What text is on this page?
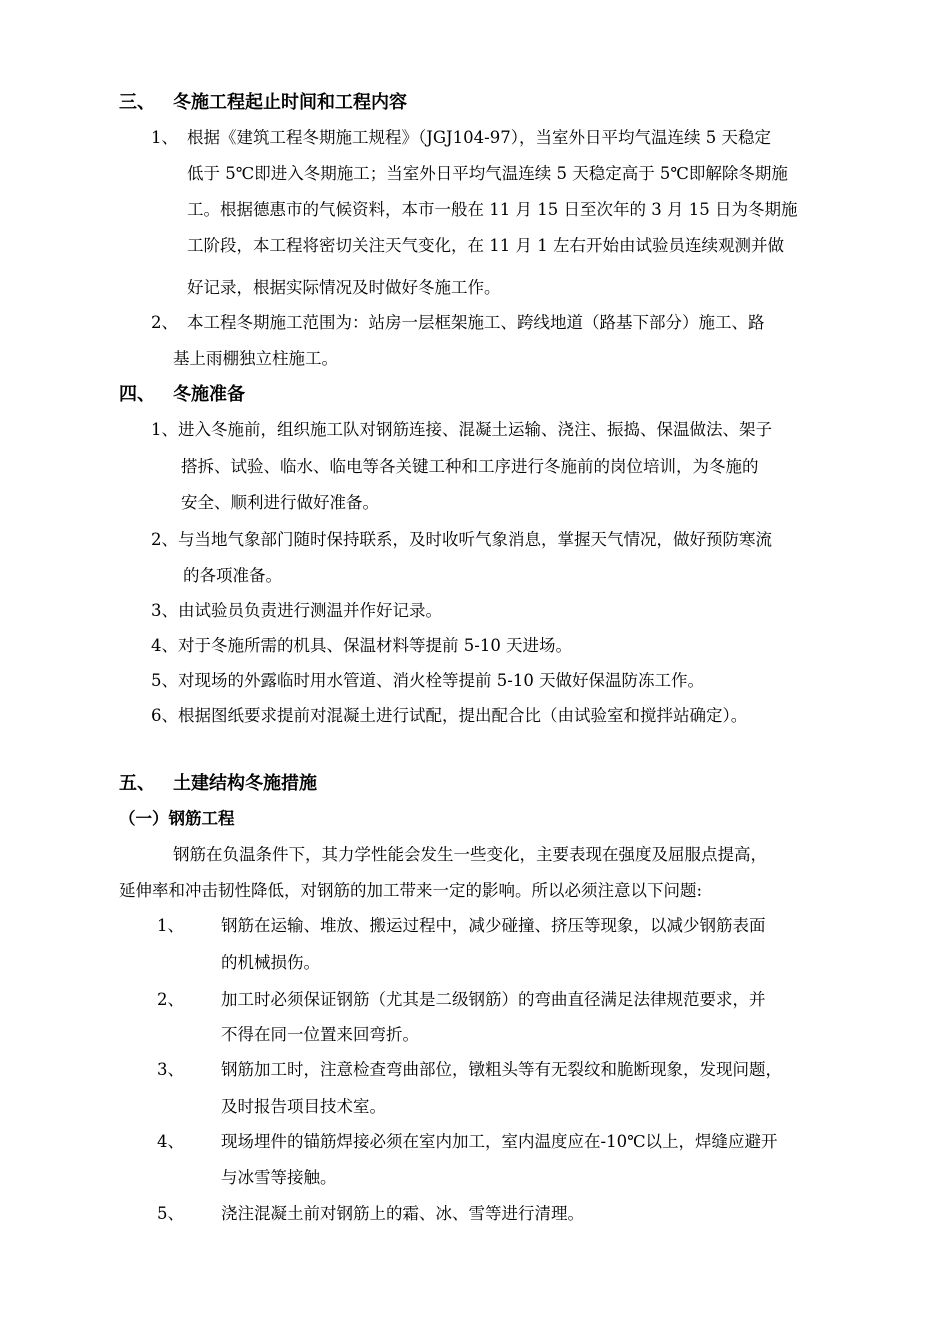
三、 冬施工程起止时间和工程内容
1、 根据《建筑工程冬期施工规程》（JGJ104-97），当室外日平均气温连续 5 天稳定
低于 5℃即进入冬期施工；当室外日平均气温连续 5 天稳定高于 5℃即解除冬期施
工。根据德惠市的气候资料，本市一般在 11 月 15 日至次年的 3 月 15 日为冬期施
工阶段，本工程将密切关注天气变化，在 11 月 1 左右开始由试验员连续观测并做
好记录，根据实际情况及时做好冬施工作。
2、 本工程冬期施工范围为：站房一层框架施工、跨线地道（路基下部分）施工、路
基上雨棚独立柱施工。
四、 冬施准备
1、进入冬施前，组织施工队对钢筋连接、混凝土运输、浇注、振捣、保温做法、架子
搭拆、试验、临水、临电等各关键工种和工序进行冬施前的岗位培训，为冬施的
安全、顺利进行做好准备。
2、与当地气象部门随时保持联系，及时收听气象消息，掌握天气情况，做好预防寒流
的各项准备。
3、由试验员负责进行测温并作好记录。
4、对于冬施所需的机具、保温材料等提前 5-10 天进场。
5、对现场的外露临时用水管道、消火栓等提前 5-10 天做好保温防冻工作。
6、根据图纸要求提前对混凝土进行试配，提出配合比（由试验室和搅拌站确定）。
五、 土建结构冬施措施
（一）钢筋工程
钢筋在负温条件下，其力学性能会发生一些变化，主要表现在强度及屈服点提高，
延伸率和冲击韧性降低，对钢筋的加工带来一定的影响。所以必须注意以下问题:
1、 钢筋在运输、堆放、搬运过程中，减少碰撞、挤压等现象，以减少钢筋表面
的机械损伤。
2、 加工时必须保证钢筋（尤其是二级钢筋）的弯曲直径满足法律规范要求，并
不得在同一位置来回弯折。
3、 钢筋加工时，注意检查弯曲部位，镦粗头等有无裂纹和脆断现象，发现问题，
及时报告项目技术室。
4、 现场埋件的锚筋焊接必须在室内加工，室内温度应在-10℃以上，焊缝应避开
与冰雪等接触。
5、 浇注混凝土前对钢筋上的霜、冰、雪等进行清理。
